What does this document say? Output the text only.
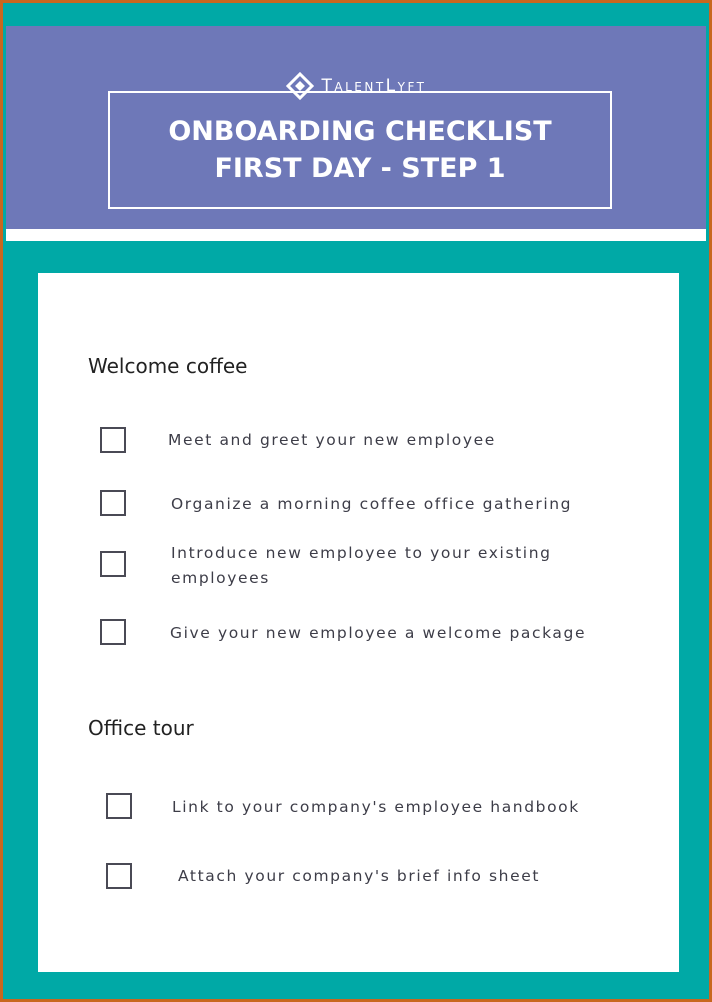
TalentLyft
ONBOARDING CHECKLIST
FIRST DAY - STEP 1
Welcome coffee
Meet and greet your new employee
Organize a morning coffee office gathering
Introduce new employee to your existing
employees
Give your new employee a welcome package
Office tour
Link to your company's employee handbook
Attach your company's brief info sheet
